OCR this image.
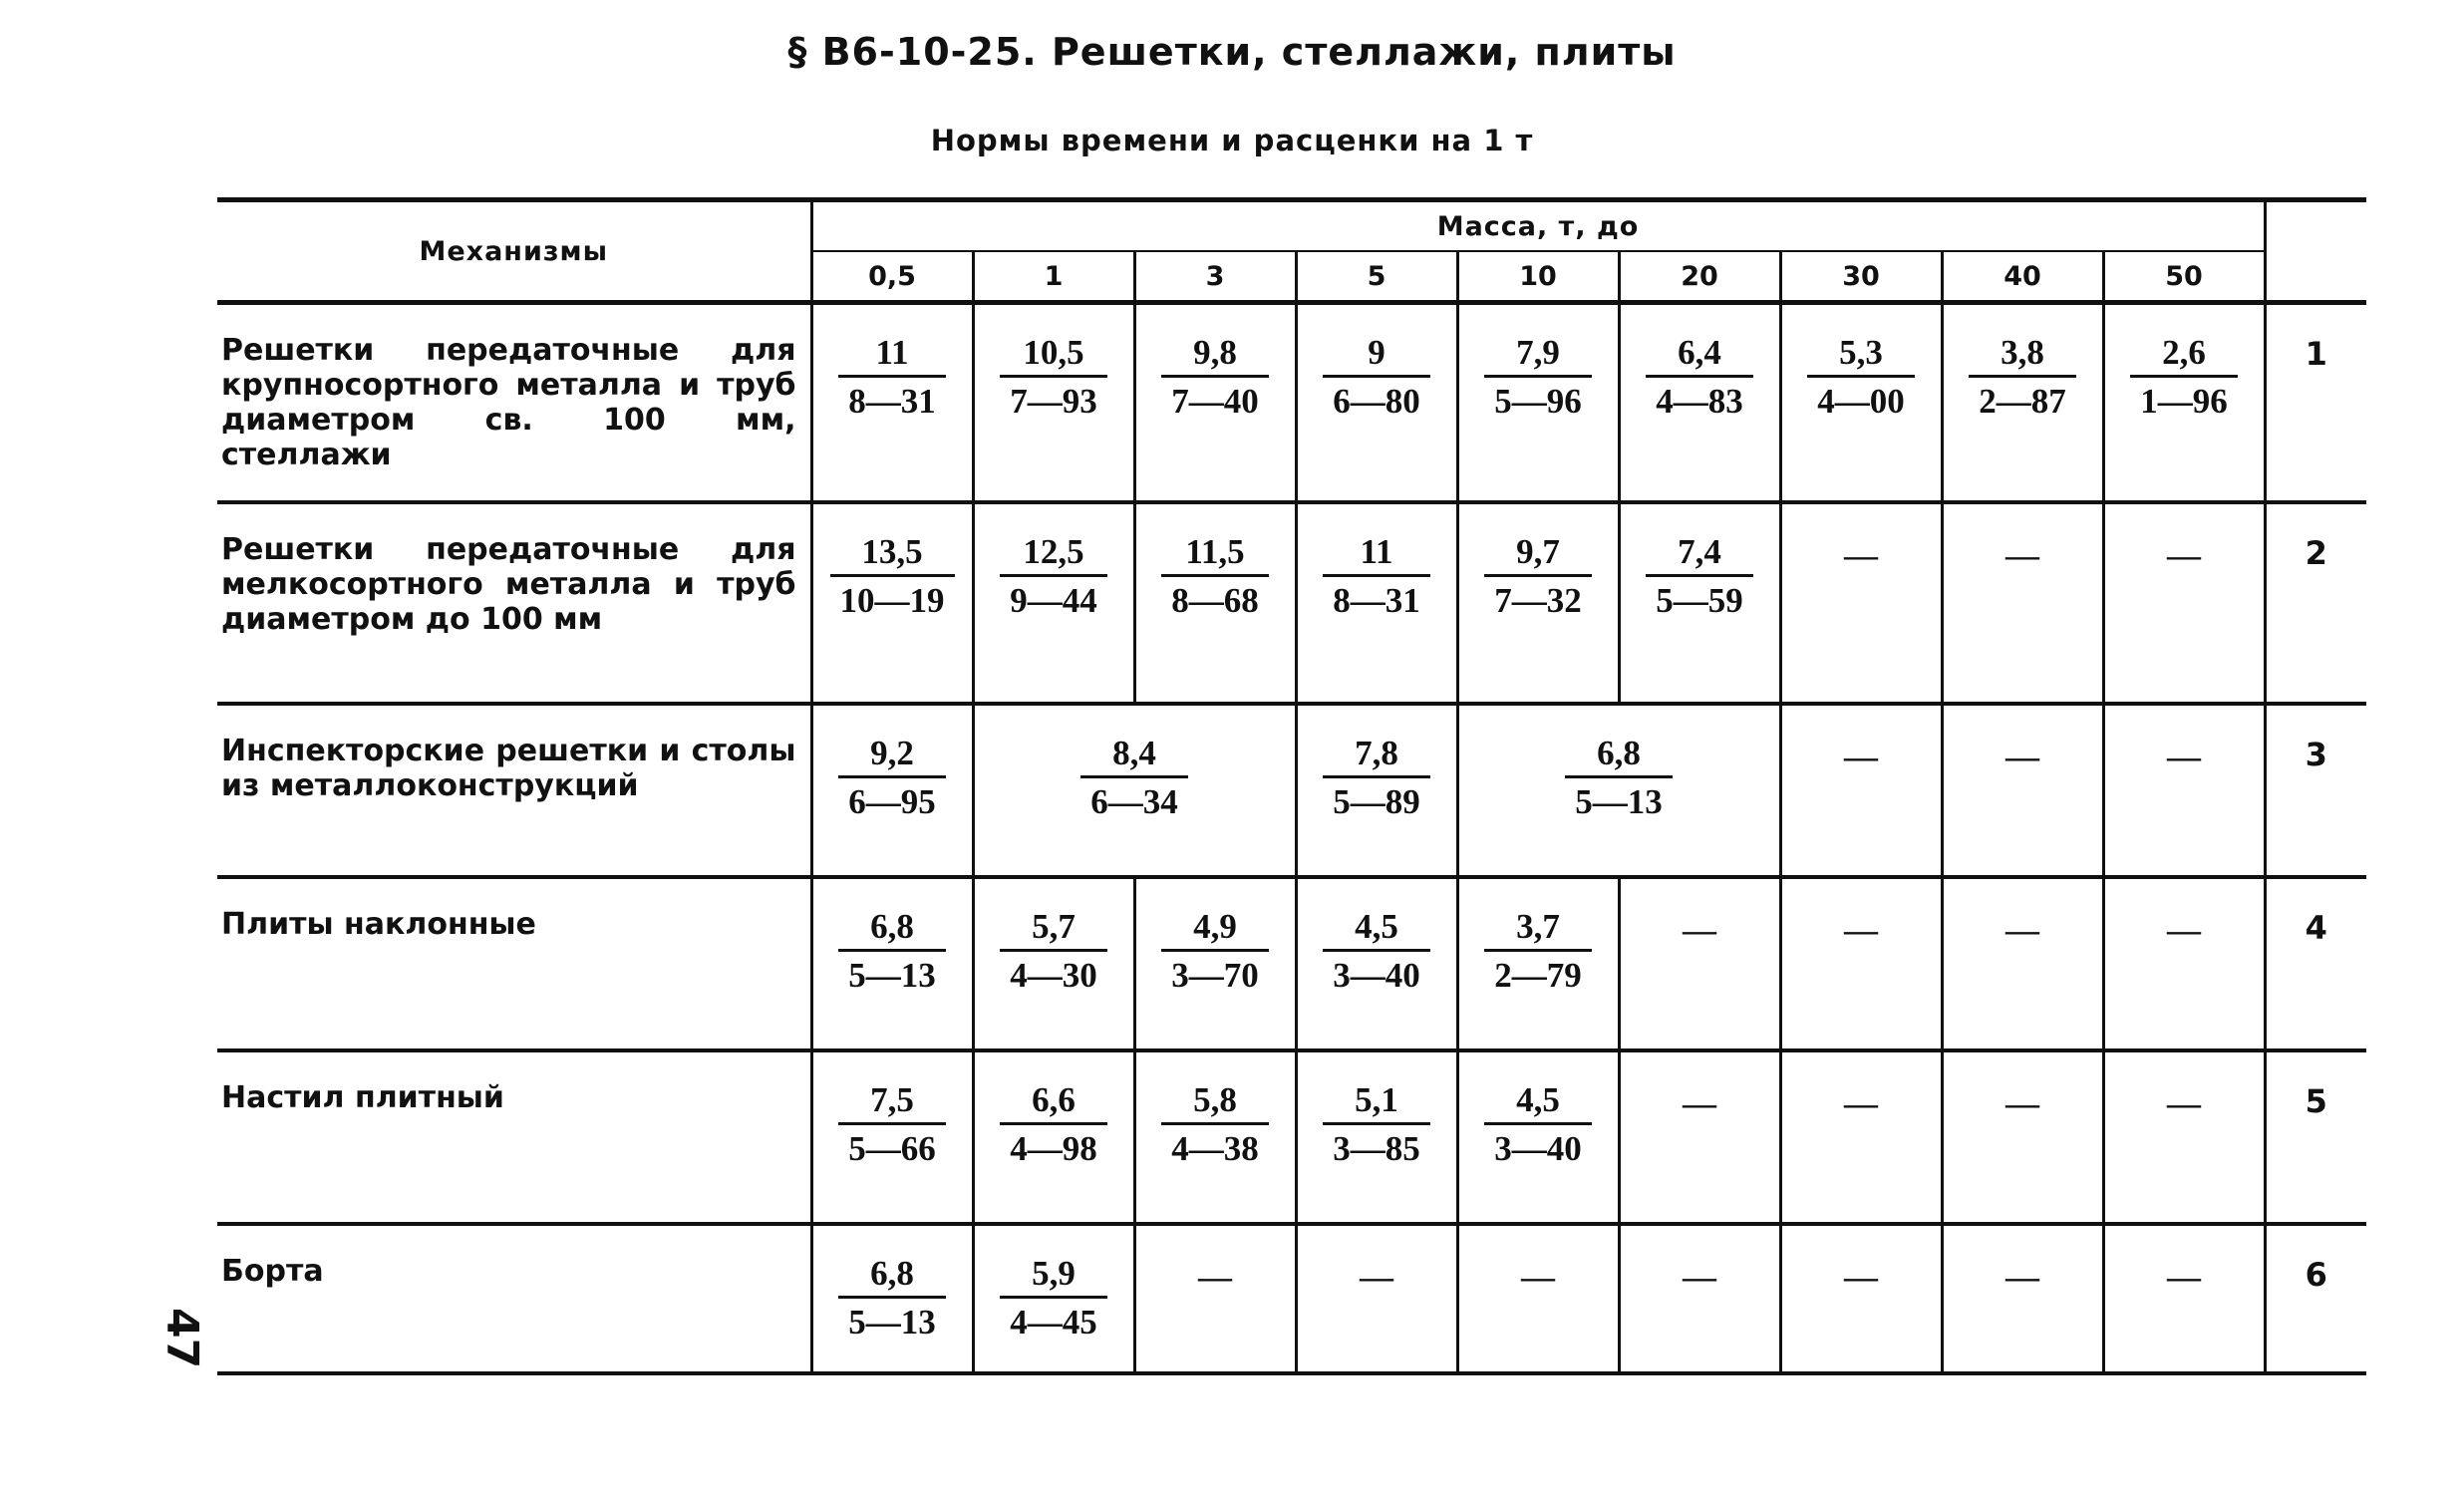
§ В6-10-25. Решетки, стеллажи, плиты
Нормы времени и расценки на 1 т
Механизмы	Масса, т, до									
	0,5	1	3	5	10	20	30	40	50	
Решетки передаточные для крупносортного металла и труб диаметром св. 100 мм, стеллажи	$\frac{11}{8—31}$	$\frac{10,5}{7—93}$	$\frac{9,8}{7—40}$	$\frac{9}{6—80}$	$\frac{7,9}{5—96}$	$\frac{6,4}{4—83}$	$\frac{5,3}{4—00}$	$\frac{3,8}{2—87}$	$\frac{2,6}{1—96}$	1
Решетки передаточные для мелкосортного металла и труб диаметром до 100 мм	$\frac{13,5}{10—19}$	$\frac{12,5}{9—44}$	$\frac{11,5}{8—68}$	$\frac{11}{8—31}$	$\frac{9,7}{7—32}$	$\frac{7,4}{5—59}$	—	—	—	2
Инспекторские решетки и столы из металлоконструкций	$\frac{9,2}{6—95}$	$\frac{8,4}{6—34}$		$\frac{7,8}{5—89}$	$\frac{6,8}{5—13}$		—	—	—	3
Плиты наклонные	$\frac{6,8}{5—13}$	$\frac{5,7}{4—30}$	$\frac{4,9}{3—70}$	$\frac{4,5}{3—40}$	$\frac{3,7}{2—79}$	—	—	—	—	4
Настил плитный	$\frac{7,5}{5—66}$	$\frac{6,6}{4—98}$	$\frac{5,8}{4—38}$	$\frac{5,1}{3—85}$	$\frac{4,5}{3—40}$	—	—	—	—	5
Борта	$\frac{6,8}{5—13}$	$\frac{5,9}{4—45}$	—	—	—	—	—	—	—	6
47
